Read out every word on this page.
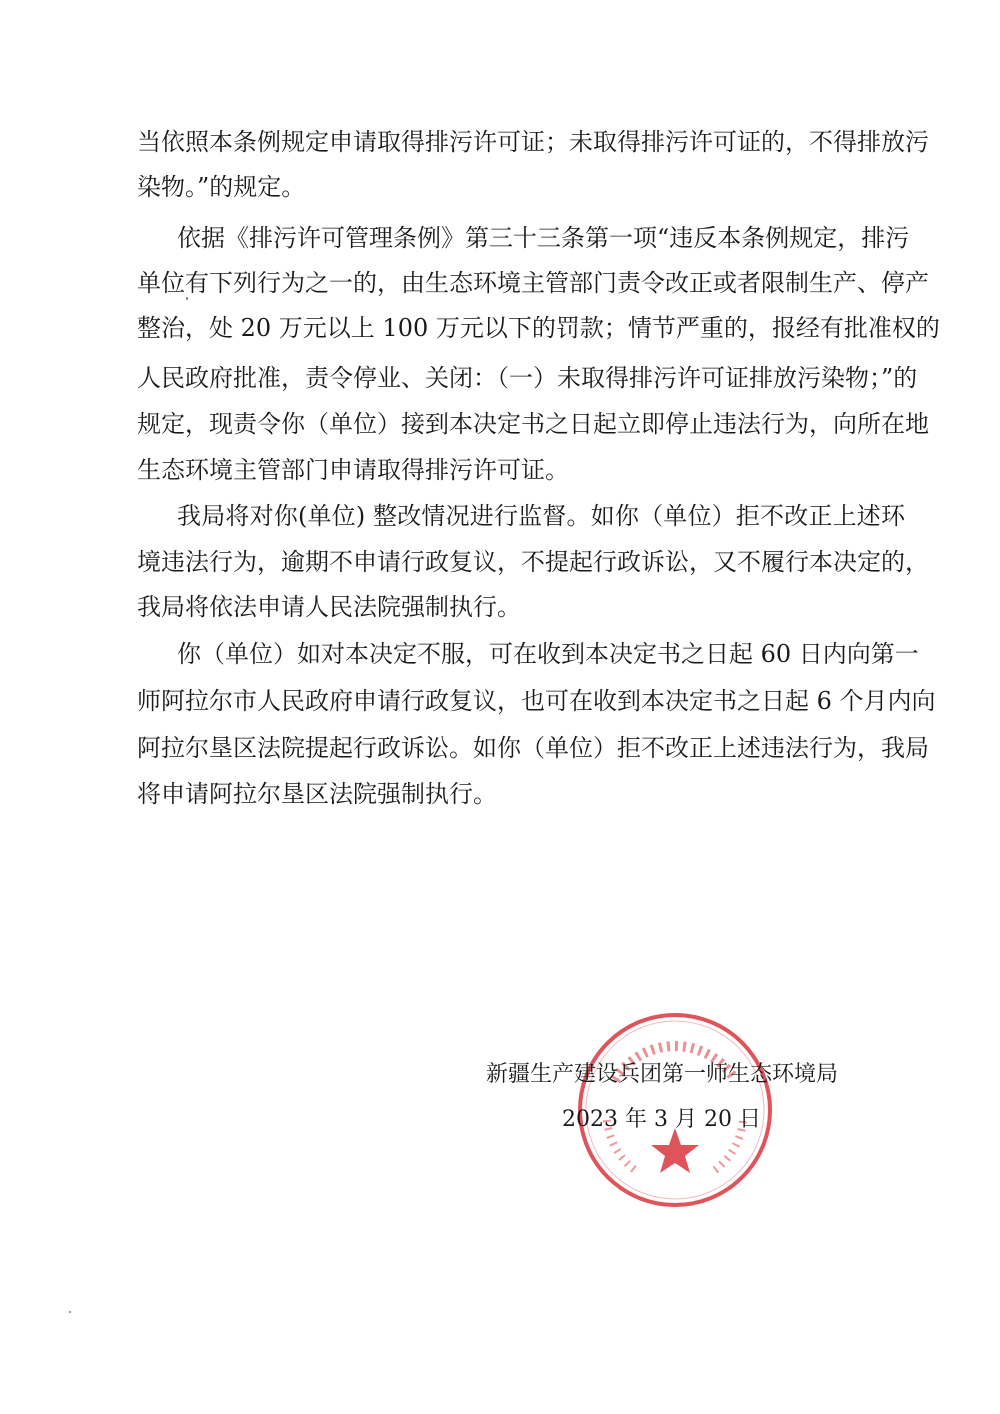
当依照本条例规定申请取得排污许可证；未取得排污许可证的，不得排放污
染物。”的规定。
依据《排污许可管理条例》第三十三条第一项“违反本条例规定，排污
单位有下列行为之一的，由生态环境主管部门责令改正或者限制生产、停产
整治，处 20 万元以上 100 万元以下的罚款；情节严重的，报经有批准权的
人民政府批准，责令停业、关闭：（一）未取得排污许可证排放污染物；”的
规定，现责令你（单位）接到本决定书之日起立即停止违法行为，向所在地
生态环境主管部门申请取得排污许可证。
我局将对你(单位) 整改情况进行监督。如你（单位）拒不改正上述环
境违法行为，逾期不申请行政复议，不提起行政诉讼，又不履行本决定的，
我局将依法申请人民法院强制执行。
你（单位）如对本决定不服，可在收到本决定书之日起 60 日内向第一
师阿拉尔市人民政府申请行政复议，也可在收到本决定书之日起 6 个月内向
阿拉尔垦区法院提起行政诉讼。如你（单位）拒不改正上述违法行为，我局
将申请阿拉尔垦区法院强制执行。
新疆生产建设兵团第一师生态环境局
2023 年 3 月 20 日
